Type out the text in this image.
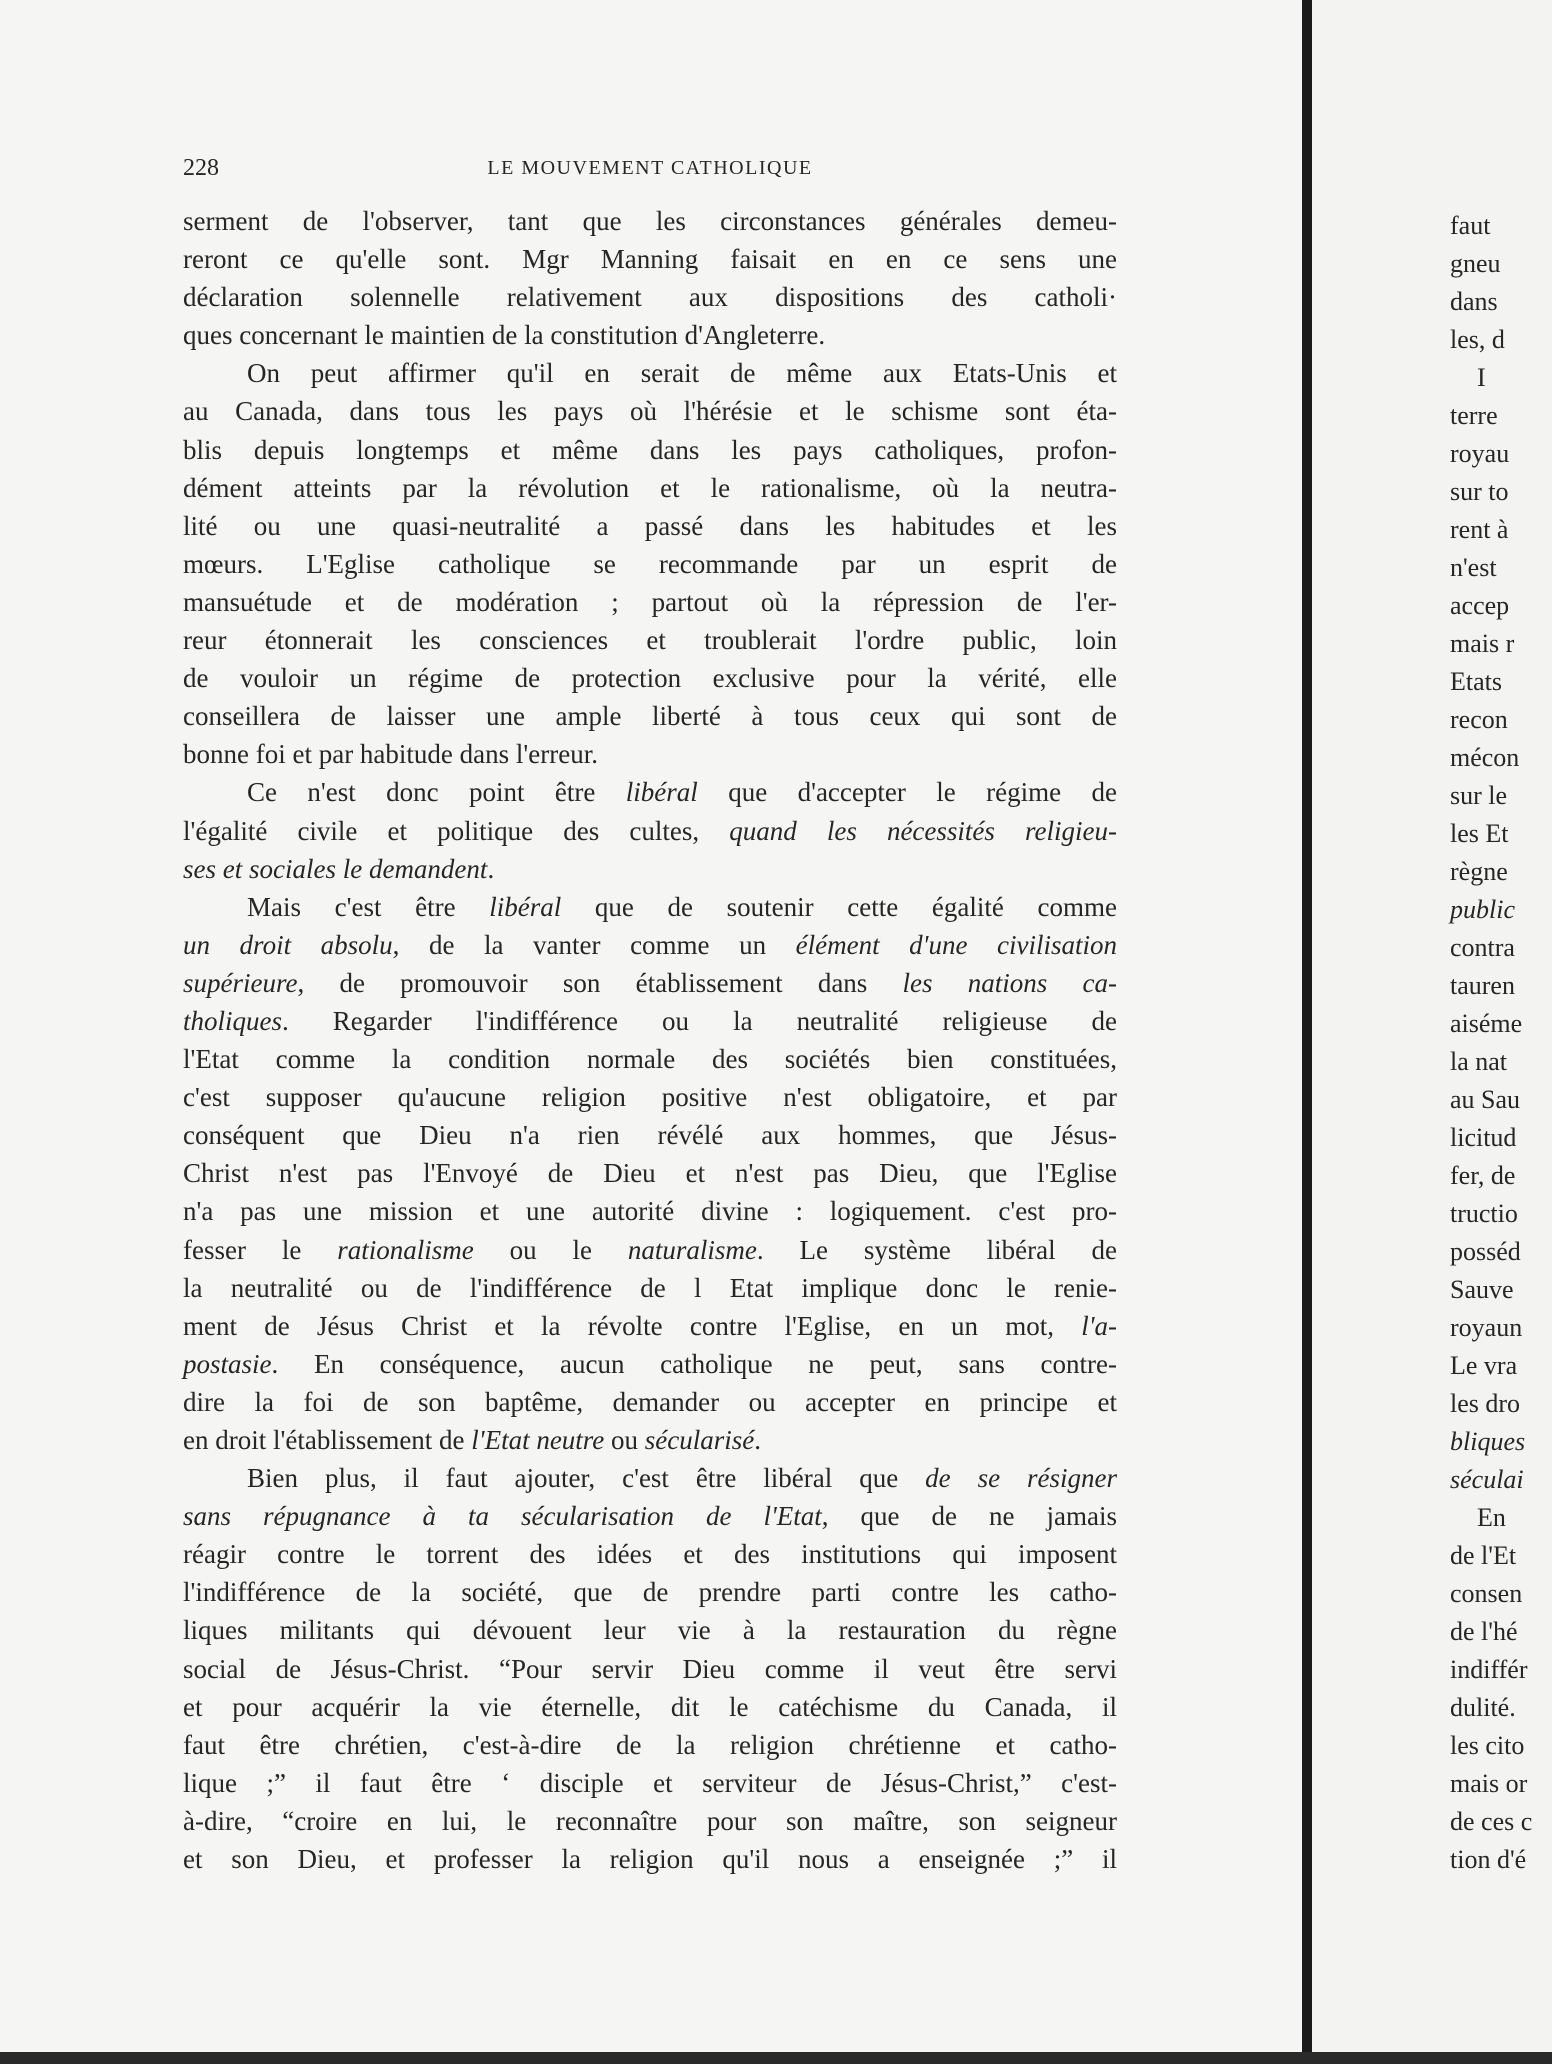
228	LE MOUVEMENT CATHOLIQUE
serment de l'observer, tant que les circonstances générales demeu-
reront ce qu'elle sont. Mgr Manning faisait en en ce sens une
déclaration solennelle relativement aux dispositions des catholi·
ques concernant le maintien de la constitution d'Angleterre.
On peut affirmer qu'il en serait de même aux Etats-Unis et
au Canada, dans tous les pays où l'hérésie et le schisme sont éta-
blis depuis longtemps et même dans les pays catholiques, profon-
dément atteints par la révolution et le rationalisme, où la neutra-
lité ou une quasi-neutralité a passé dans les habitudes et les
mœurs. L'Eglise catholique se recommande par un esprit de
mansuétude et de modération ; partout où la répression de l'er-
reur étonnerait les consciences et troublerait l'ordre public, loin
de vouloir un régime de protection exclusive pour la vérité, elle
conseillera de laisser une ample liberté à tous ceux qui sont de
bonne foi et par habitude dans l'erreur.
Ce n'est donc point être libéral que d'accepter le régime de
l'égalité civile et politique des cultes, quand les nécessités religieu-
ses et sociales le demandent.
Mais c'est être libéral que de soutenir cette égalité comme
un droit absolu, de la vanter comme un élément d'une civilisation
supérieure, de promouvoir son établissement dans les nations ca-
tholiques. Regarder l'indifférence ou la neutralité religieuse de
l'Etat comme la condition normale des sociétés bien constituées,
c'est supposer qu'aucune religion positive n'est obligatoire, et par
conséquent que Dieu n'a rien révélé aux hommes, que Jésus-
Christ n'est pas l'Envoyé de Dieu et n'est pas Dieu, que l'Eglise
n'a pas une mission et une autorité divine : logiquement. c'est pro-
fesser le rationalisme ou le naturalisme. Le système libéral de
la neutralité ou de l'indifférence de l Etat implique donc le renie-
ment de Jésus Christ et la révolte contre l'Eglise, en un mot, l'a-
postasie. En conséquence, aucun catholique ne peut, sans contre-
dire la foi de son baptême, demander ou accepter en principe et
en droit l'établissement de l'Etat neutre ou sécularisé.
Bien plus, il faut ajouter, c'est être libéral que de se résigner
sans répugnance à ta sécularisation de l'Etat, que de ne jamais
réagir contre le torrent des idées et des institutions qui imposent
l'indifférence de la société, que de prendre parti contre les catho-
liques militants qui dévouent leur vie à la restauration du règne
social de Jésus-Christ. “Pour servir Dieu comme il veut être servi
et pour acquérir la vie éternelle, dit le catéchisme du Canada, il
faut être chrétien, c'est-à-dire de la religion chrétienne et catho-
lique ;” il faut être ‘ disciple et serviteur de Jésus-Christ,” c'est-
à-dire, “croire en lui, le reconnaître pour son maître, son seigneur
et son Dieu, et professer la religion qu'il nous a enseignée ;” il
faut
gneu
dans
les, d
I
terre
royau
sur to
rent à
n'est
accep
mais r
Etats
recon
mécon
sur le
les Et
règne
public
contra
tauren
aiséme
la nat
au Sau
licitud
fer, de
tructio
posséd
Sauve
royaun
Le vra
les dro
bliques
séculai
En
de l'Et
consen
de l'hé
indiffér
dulité.
les cito
mais or
de ces c
tion d'é
